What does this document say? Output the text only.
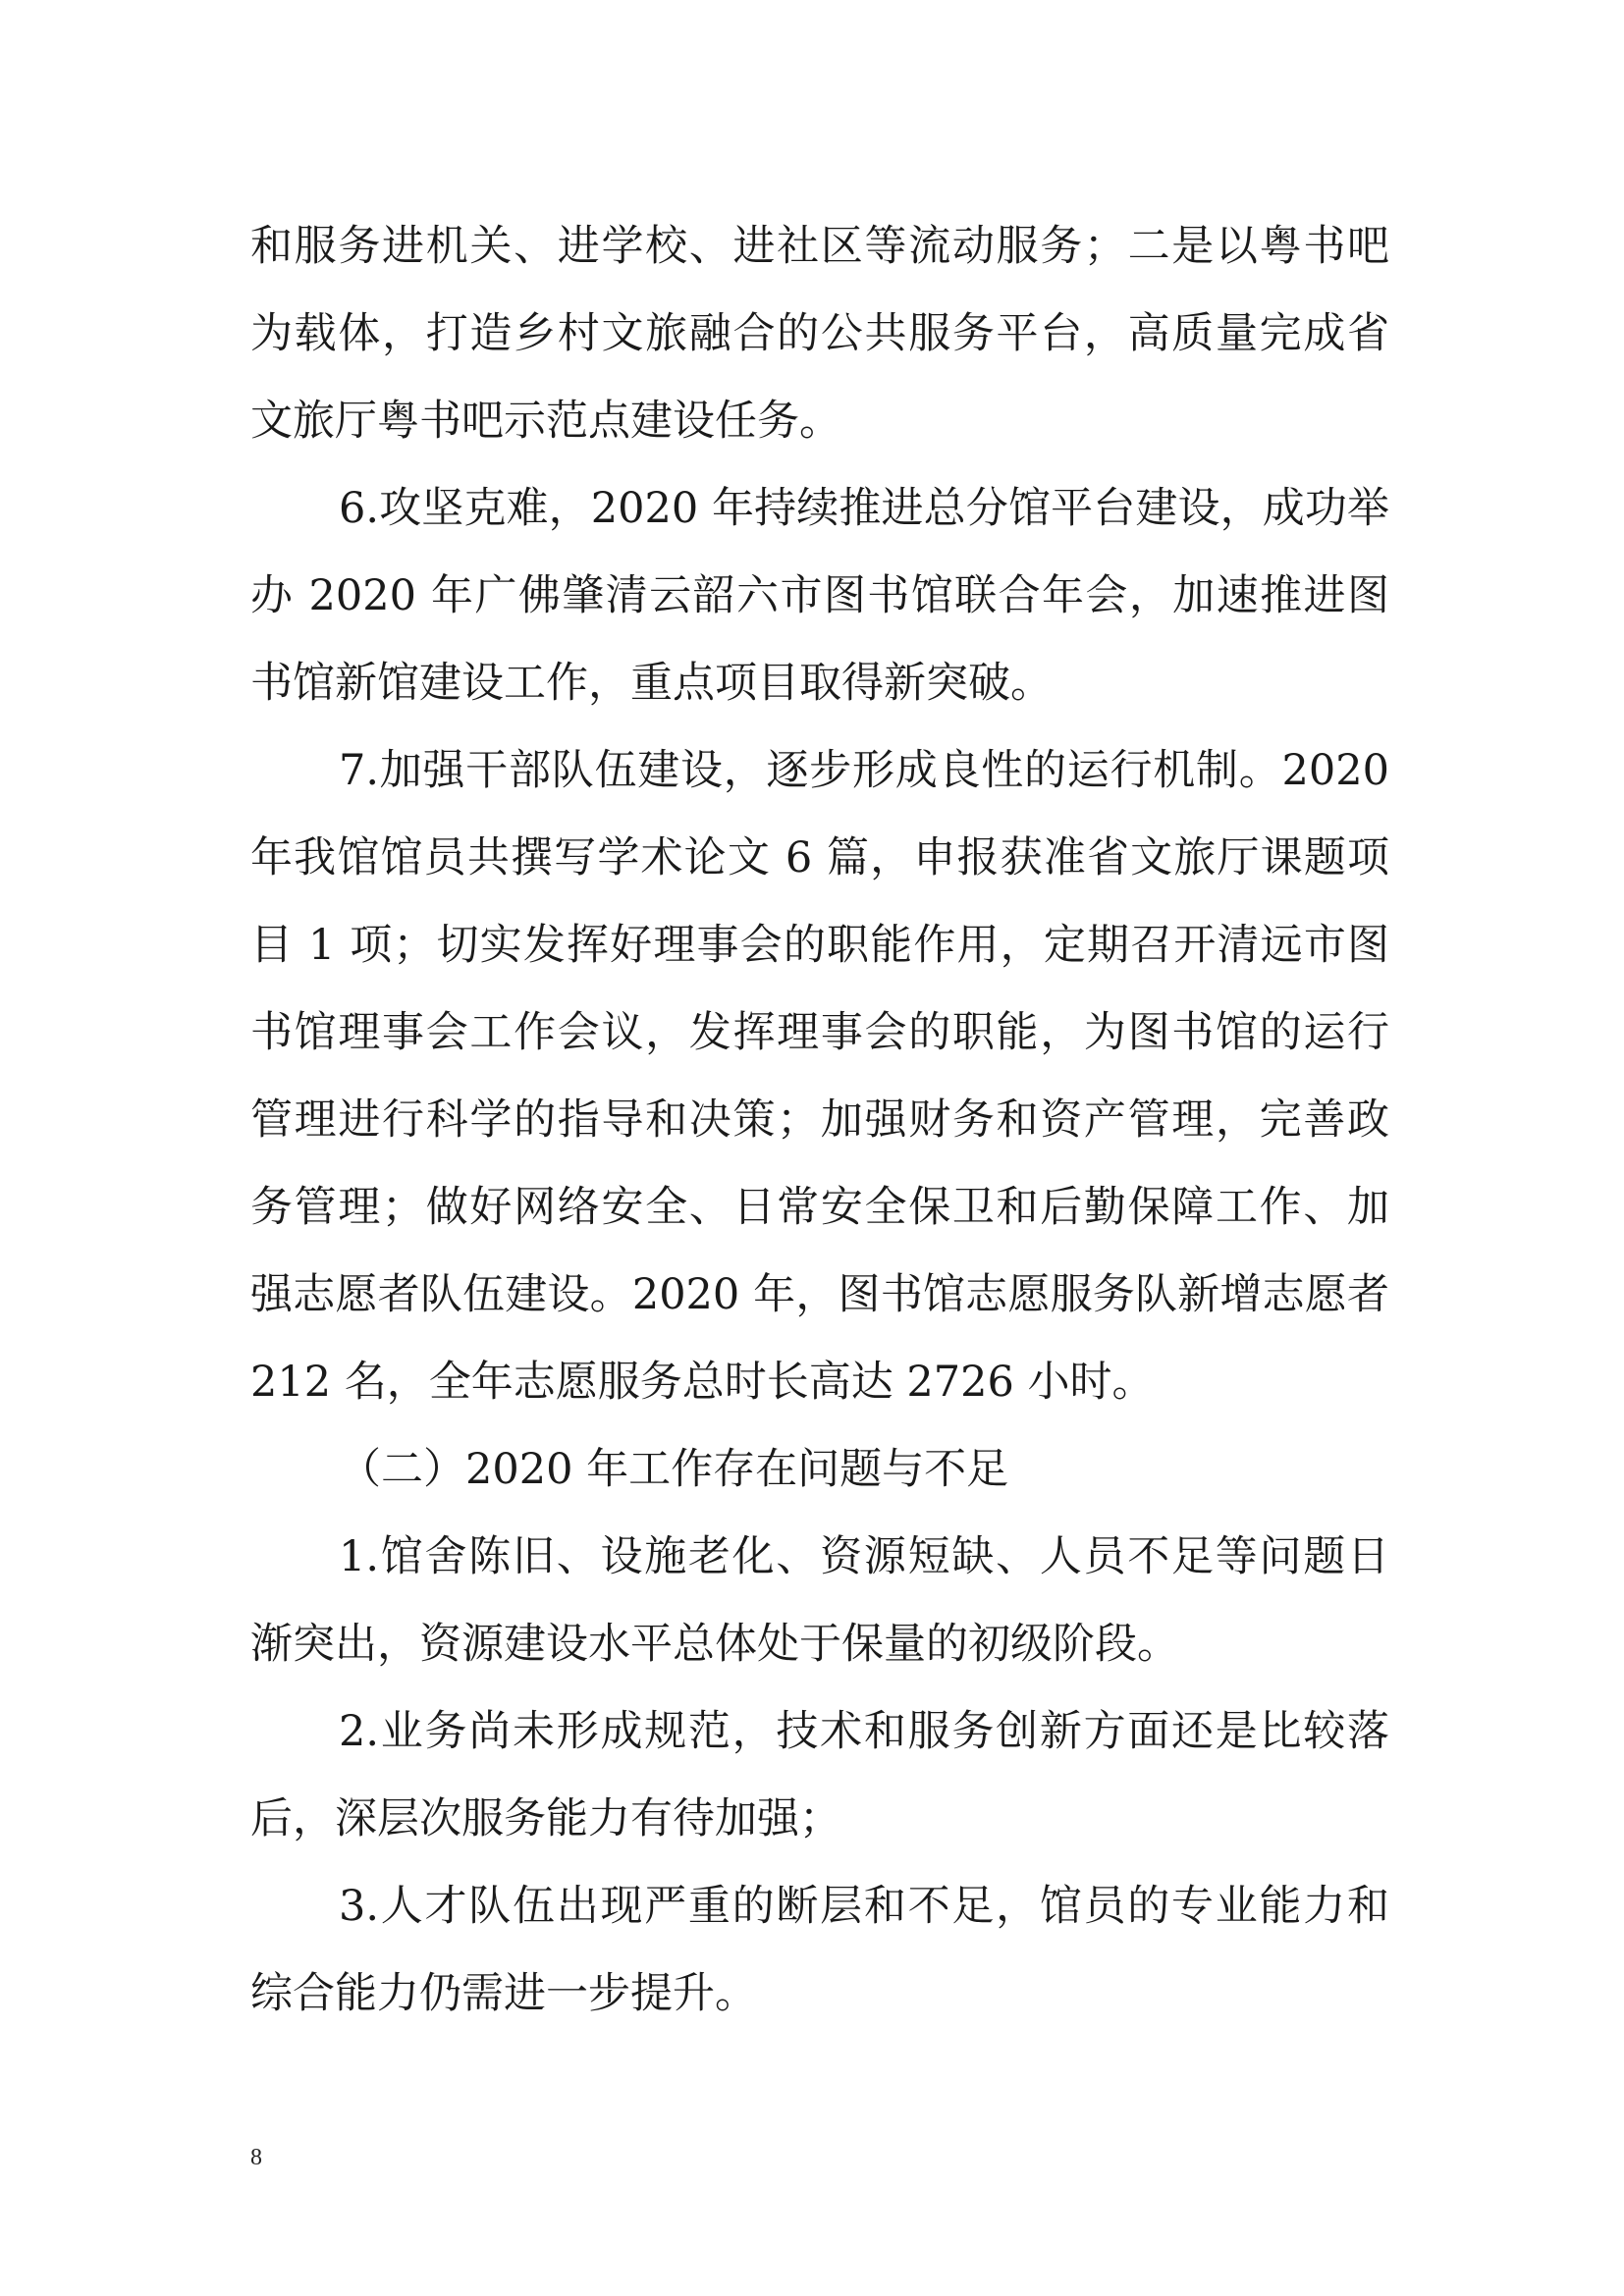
和服务进机关、进学校、进社区等流动服务；二是以粤书吧
为载体，打造乡村文旅融合的公共服务平台，高质量完成省
文旅厅粤书吧示范点建设任务。
6.攻坚克难，2020 年持续推进总分馆平台建设，成功举
办 2020 年广佛肇清云韶六市图书馆联合年会，加速推进图
书馆新馆建设工作，重点项目取得新突破。
7.加强干部队伍建设，逐步形成良性的运行机制。2020
年我馆馆员共撰写学术论文 6 篇，申报获准省文旅厅课题项
目 1 项；切实发挥好理事会的职能作用，定期召开清远市图
书馆理事会工作会议，发挥理事会的职能，为图书馆的运行
管理进行科学的指导和决策；加强财务和资产管理，完善政
务管理；做好网络安全、日常安全保卫和后勤保障工作、加
强志愿者队伍建设。2020 年，图书馆志愿服务队新增志愿者
212 名，全年志愿服务总时长高达 2726 小时。
（二）2020 年工作存在问题与不足
1.馆舍陈旧、设施老化、资源短缺、人员不足等问题日
渐突出，资源建设水平总体处于保量的初级阶段。
2.业务尚未形成规范，技术和服务创新方面还是比较落
后，深层次服务能力有待加强；
3.人才队伍出现严重的断层和不足，馆员的专业能力和
综合能力仍需进一步提升。
8
